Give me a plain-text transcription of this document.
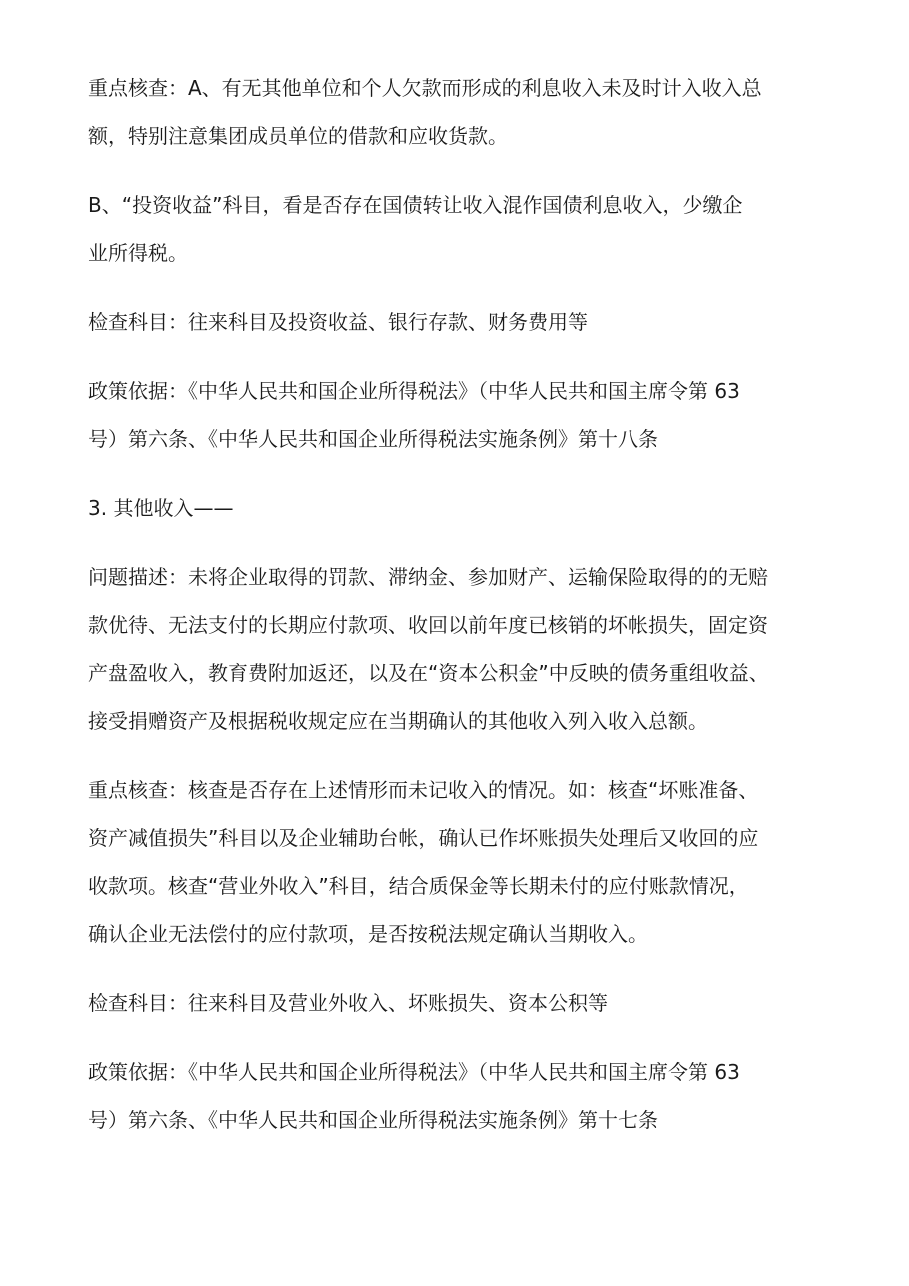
重点核查：A、有无其他单位和个人欠款而形成的利息收入未及时计入收入总
额，特别注意集团成员单位的借款和应收货款。
B、“投资收益”科目，看是否存在国债转让收入混作国债利息收入，少缴企
业所得税。
检查科目：往来科目及投资收益、银行存款、财务费用等
政策依据：《中华人民共和国企业所得税法》（中华人民共和国主席令第 63
号）第六条、《中华人民共和国企业所得税法实施条例》第十八条
3. 其他收入——
问题描述：未将企业取得的罚款、滞纳金、参加财产、运输保险取得的的无赔
款优待、无法支付的长期应付款项、收回以前年度已核销的坏帐损失，固定资
产盘盈收入，教育费附加返还，以及在“资本公积金”中反映的债务重组收益、
接受捐赠资产及根据税收规定应在当期确认的其他收入列入收入总额。
重点核查：核查是否存在上述情形而未记收入的情况。如：核查“坏账准备、
资产减值损失”科目以及企业辅助台帐，确认已作坏账损失处理后又收回的应
收款项。核查“营业外收入”科目，结合质保金等长期未付的应付账款情况，
确认企业无法偿付的应付款项，是否按税法规定确认当期收入。
检查科目：往来科目及营业外收入、坏账损失、资本公积等
政策依据：《中华人民共和国企业所得税法》（中华人民共和国主席令第 63
号）第六条、《中华人民共和国企业所得税法实施条例》第十七条
